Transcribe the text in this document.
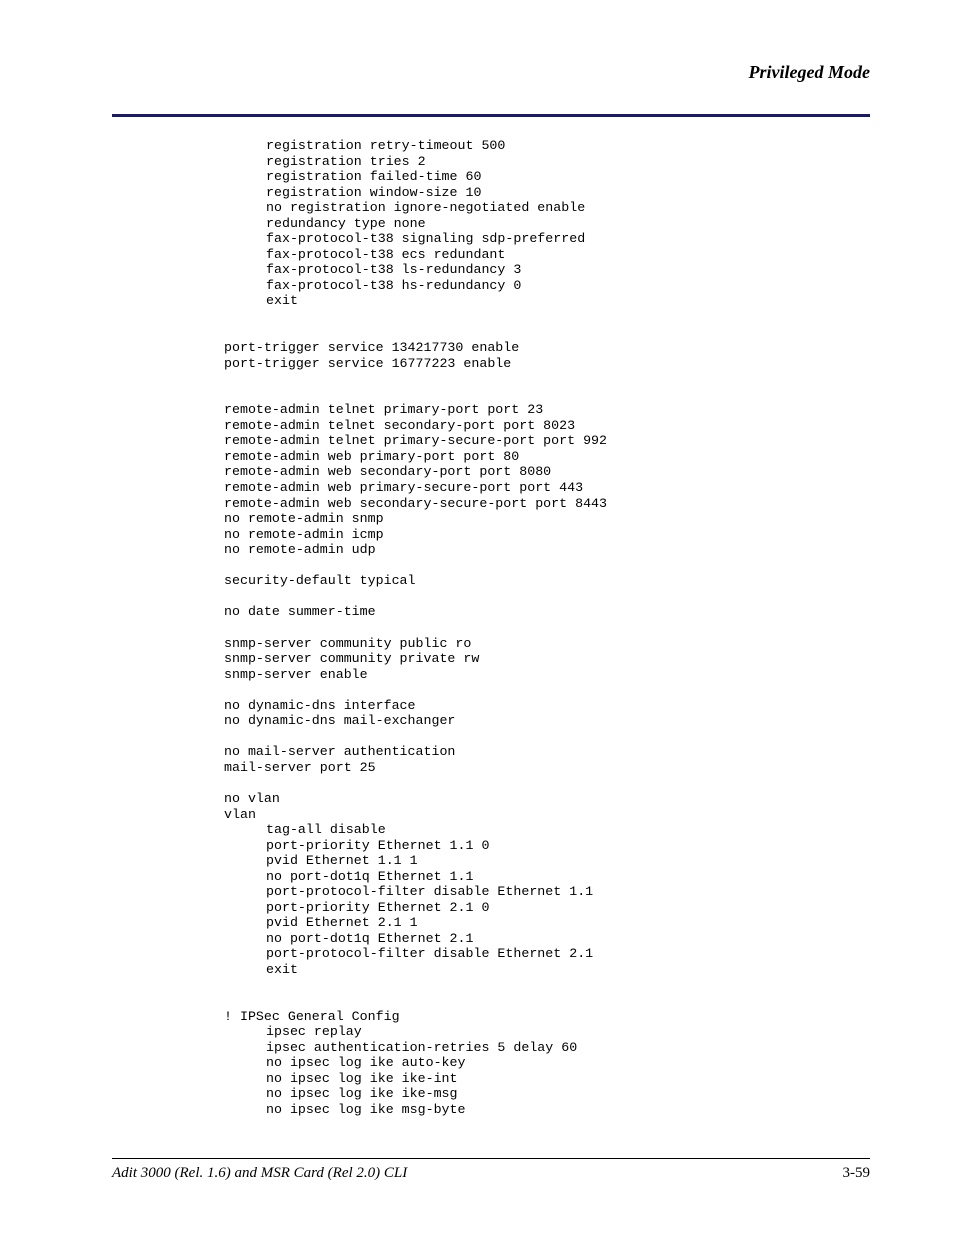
Privileged Mode
registration retry-timeout 500
registration tries 2
registration failed-time 60
registration window-size 10
no registration ignore-negotiated enable
redundancy type none
fax-protocol-t38 signaling sdp-preferred
fax-protocol-t38 ecs redundant
fax-protocol-t38 ls-redundancy 3
fax-protocol-t38 hs-redundancy 0
exit
port-trigger service 134217730 enable
port-trigger service 16777223 enable
remote-admin telnet primary-port port 23
remote-admin telnet secondary-port port 8023
remote-admin telnet primary-secure-port port 992
remote-admin web primary-port port 80
remote-admin web secondary-port port 8080
remote-admin web primary-secure-port port 443
remote-admin web secondary-secure-port port 8443
no remote-admin snmp
no remote-admin icmp
no remote-admin udp
security-default typical
no date summer-time
snmp-server community public ro
snmp-server community private rw
snmp-server enable
no dynamic-dns interface
no dynamic-dns mail-exchanger
no mail-server authentication
mail-server port 25
no vlan
vlan
tag-all disable
port-priority Ethernet 1.1 0
pvid Ethernet 1.1 1
no port-dot1q Ethernet 1.1
port-protocol-filter disable Ethernet 1.1
port-priority Ethernet 2.1 0
pvid Ethernet 2.1 1
no port-dot1q Ethernet 2.1
port-protocol-filter disable Ethernet 2.1
exit
! IPSec General Config
ipsec replay
ipsec authentication-retries 5 delay 60
no ipsec log ike auto-key
no ipsec log ike ike-int
no ipsec log ike ike-msg
no ipsec log ike msg-byte
Adit 3000 (Rel. 1.6) and MSR Card (Rel 2.0) CLI	3-59
